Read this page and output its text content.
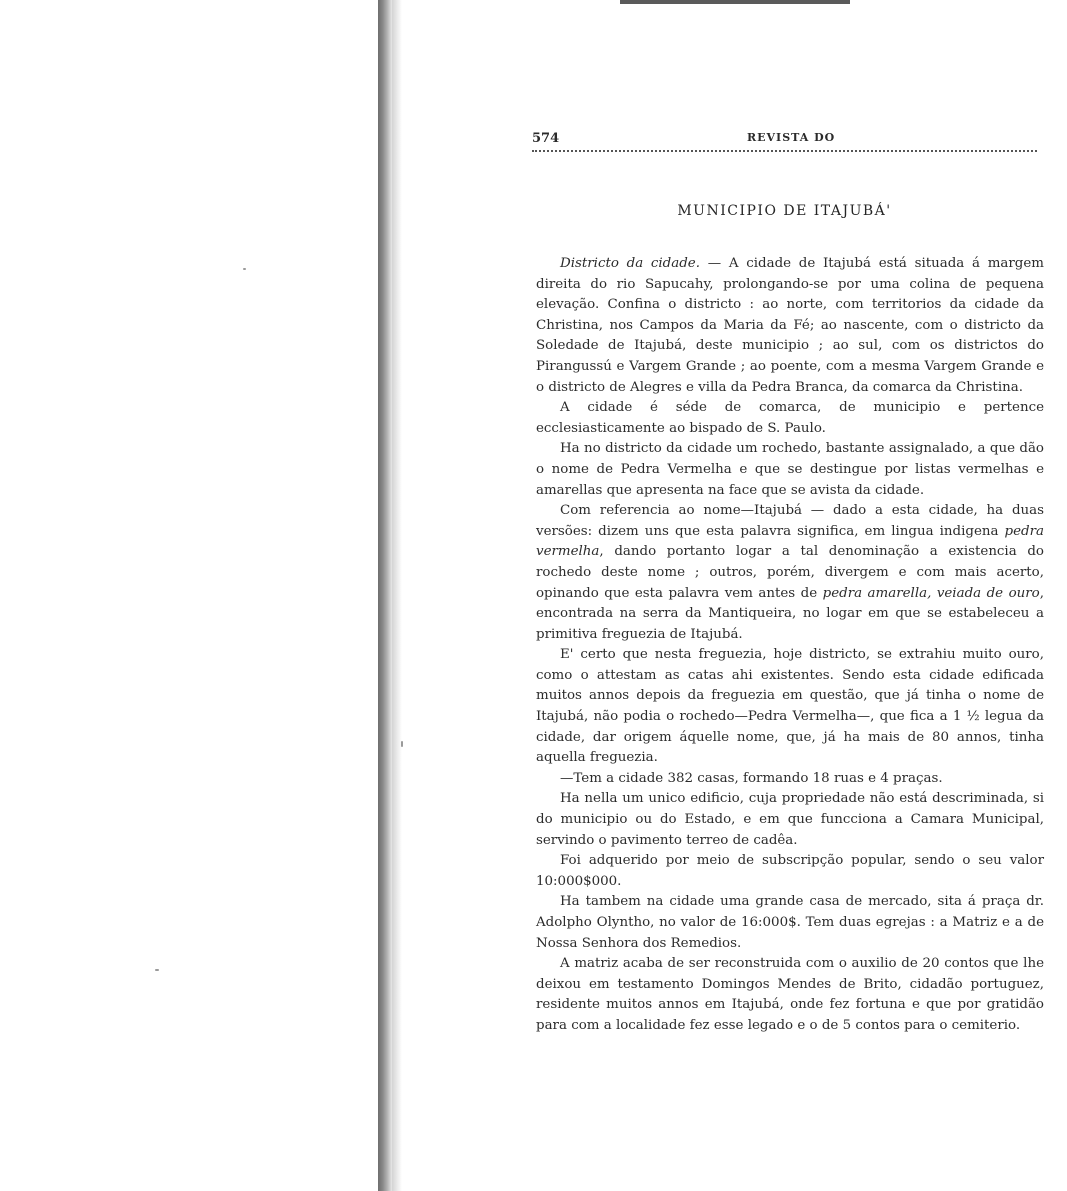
574	REVISTA DO
MUNICIPIO DE ITAJUBÁ'

Districto da cidade. — A cidade de Itajubá está situada á margem direita do rio Sapucahy, prolongando-se por uma colina de pequena elevação. Confina o districto : ao norte, com territorios da cidade da Christina, nos Campos da Maria da Fé; ao nascente, com o districto da Soledade de Itajubá, deste municipio ; ao sul, com os districtos do Pirangussú e Vargem Grande ; ao poente, com a mesma Vargem Grande e o districto de Alegres e villa da Pedra Branca, da comarca da Christina.

A cidade é séde de comarca, de municipio e pertence ecclesiasticamente ao bispado de S. Paulo.

Ha no districto da cidade um rochedo, bastante assignalado, a que dão o nome de Pedra Vermelha e que se destingue por listas vermelhas e amarellas que apresenta na face que se avista da cidade.

Com referencia ao nome—Itajubá — dado a esta cidade, ha duas versões: dizem uns que esta palavra significa, em lingua indigena pedra vermelha, dando portanto logar a tal denominação a existencia do rochedo deste nome ; outros, porém, divergem e com mais acerto, opinando que esta palavra vem antes de pedra amarella, veiada de ouro, encontrada na serra da Mantiqueira, no logar em que se estabeleceu a primitiva freguezia de Itajubá.

E' certo que nesta freguezia, hoje districto, se extrahiu muito ouro, como o attestam as catas ahi existentes. Sendo esta cidade edificada muitos annos depois da freguezia em questão, que já tinha o nome de Itajubá, não podia o rochedo—Pedra Vermelha—, que fica a 1 ½ legua da cidade, dar origem áquelle nome, que, já ha mais de 80 annos, tinha aquella freguezia.

—Tem a cidade 382 casas, formando 18 ruas e 4 praças.

Ha nella um unico edificio, cuja propriedade não está descriminada, si do municipio ou do Estado, e em que funcciona a Camara Municipal, servindo o pavimento terreo de cadêa.

Foi adquerido por meio de subscripção popular, sendo o seu valor 10:000$000.

Ha tambem na cidade uma grande casa de mercado, sita á praça dr. Adolpho Olyntho, no valor de 16:000$. Tem duas egrejas : a Matriz e a de Nossa Senhora dos Remedios.

A matriz acaba de ser reconstruida com o auxilio de 20 contos que lhe deixou em testamento Domingos Mendes de Brito, cidadão portuguez, residente muitos annos em Itajubá, onde fez fortuna e que por gratidão para com a localidade fez esse legado e o de 5 contos para o cemiterio.
